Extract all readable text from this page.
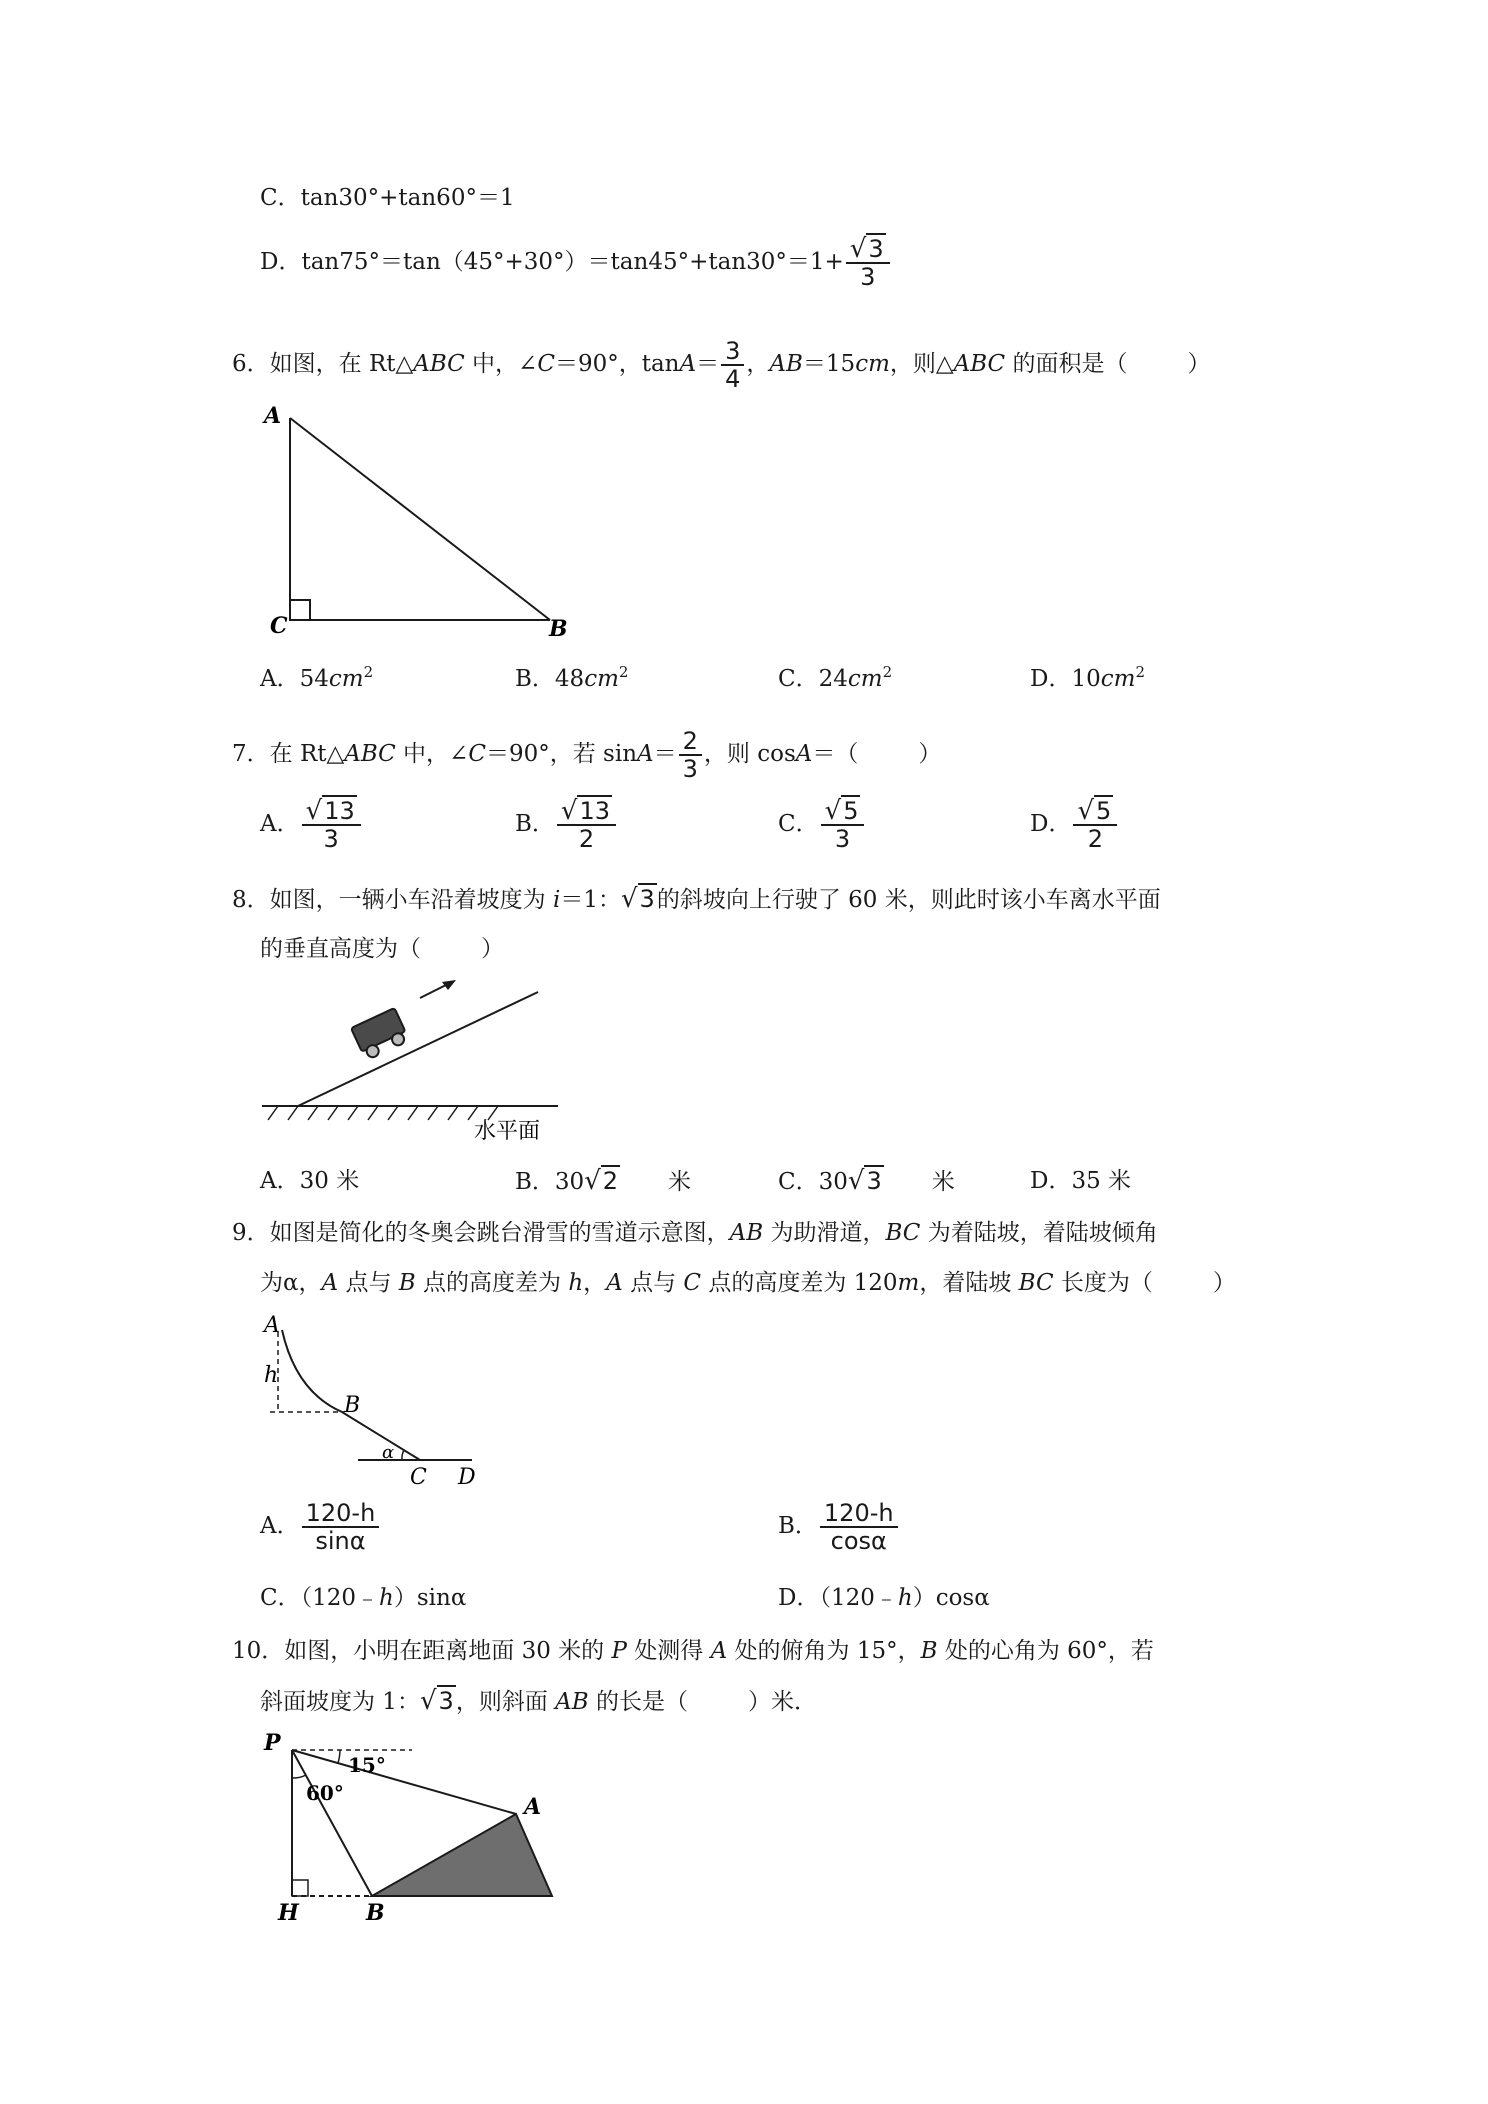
C．tan30°+tan60°＝1
D．$\tan 75^\circ=\tan(45^\circ+30^\circ)=\tan 45^\circ+\tan 30^\circ=1+ \frac{√3}{3}$
6．如图，在 Rt△ABC 中，∠C＝90°，$\tan A= \frac{3}{4}$ ，AB＝15cm，则△ABC 的面积是（	）
A
C	B
A．$54cm^2$	B．$48cm^2$	C．$24cm^2$	D．$10cm^2$
7．在 Rt△ABC 中，∠C＝90°，若 $\sin A= \frac{2}{3}$ ，则 cosA＝（	）
A． $\frac{√13}{3}$	B． $\frac{√13}{2}$	C． $\frac{√5}{3}$	D． $\frac{√5}{2}$
8．如图，一辆小车沿着坡度为 i＝1：√3的斜坡向上行驶了 60 米，则此时该小车离水平面
的垂直高度为（	）
水平面
A．30 米	B．30√2 米	C．30√3 米	D．35 米
9．如图是简化的冬奥会跳台滑雪的雪道示意图，AB 为助滑道，BC 为着陆坡，着陆坡倾角
为α，A 点与 B 点的高度差为 h，A 点与 C 点的高度差为 120m，着陆坡 BC 长度为（	）
A
h
B
α
C D
A． $\frac{120-h}{\sin\alpha}$	B． $\frac{120-h}{\cos\alpha}$
C．（120﹣h）sinα	D．（120﹣h）cosα
10．如图，小明在距离地面 30 米的 P 处测得 A 处的俯角为 15°，B 处的心角为 60°，若
斜面坡度为 1：√3，则斜面 AB 的长是（	）米．
P
15°
60°
A
H	B
